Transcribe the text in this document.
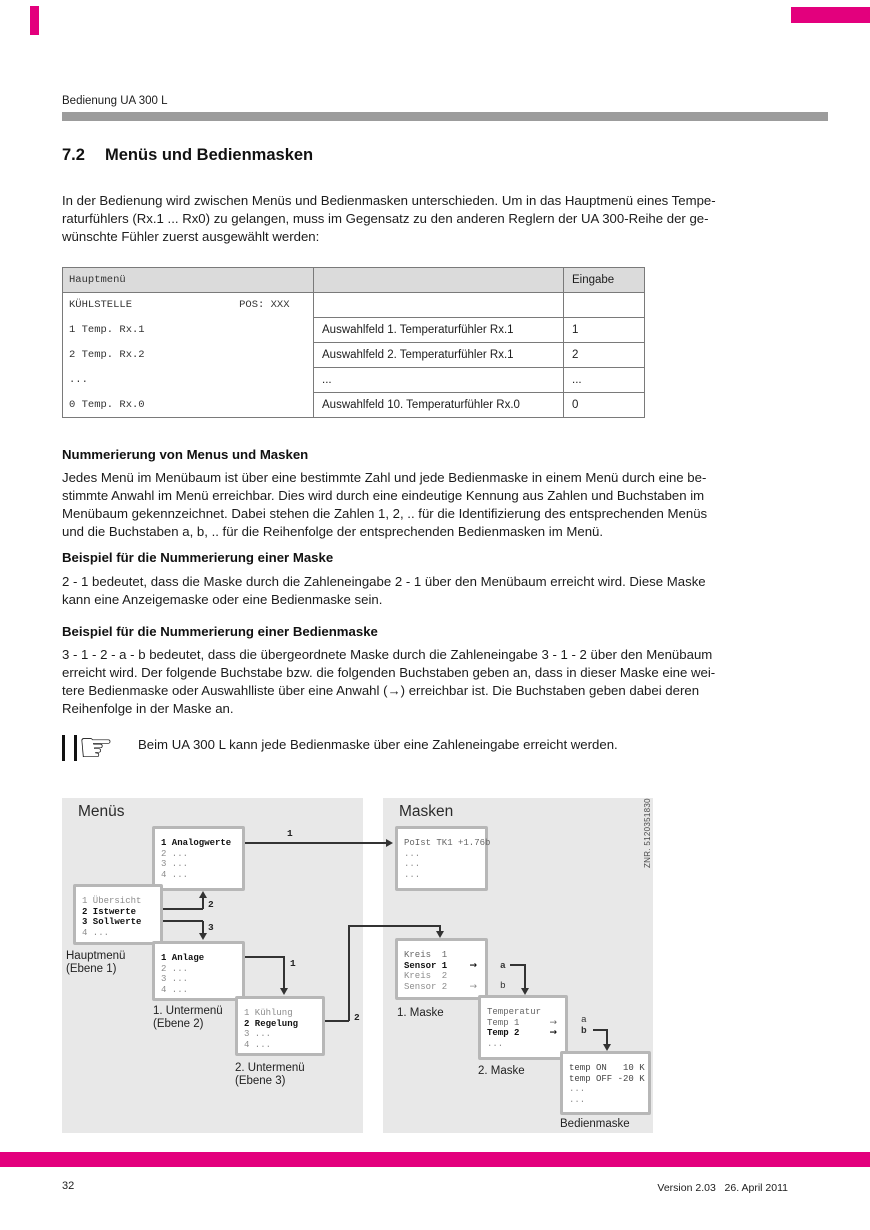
Bedienung UA 300 L
7.2 Menüs und Bedienmasken
In der Bedienung wird zwischen Menüs und Bedienmasken unterschieden. Um in das Hauptmenü eines Tempe-
raturfühlers (Rx.1 ... Rx0) zu gelangen, muss im Gegensatz zu den anderen Reglern der UA 300-Reihe der ge-
wünschte Fühler zuerst ausgewählt werden:
Hauptmenü		Eingabe
KÜHLSTELLE                 POS: XXX		
1 Temp. Rx.1	Auswahlfeld 1. Temperaturfühler Rx.1	1
2 Temp. Rx.2	Auswahlfeld 2. Temperaturfühler Rx.1	2
...	...	...
0 Temp. Rx.0	Auswahlfeld 10. Temperaturfühler Rx.0	0
Nummerierung von Menus und Masken
Jedes Menü im Menübaum ist über eine bestimmte Zahl und jede Bedienmaske in einem Menü durch eine be-
stimmte Anwahl im Menü erreichbar. Dies wird durch eine eindeutige Kennung aus Zahlen und Buchstaben im
Menübaum gekennzeichnet. Dabei stehen die Zahlen 1, 2, .. für die Identifizierung des entsprechenden Menüs
und die Buchstaben a, b, .. für die Reihenfolge der entsprechenden Bedienmasken im Menü.
Beispiel für die Nummerierung einer Maske
2 - 1 bedeutet, dass die Maske durch die Zahleneingabe 2 - 1 über den Menübaum erreicht wird. Diese Maske
kann eine Anzeigemaske oder eine Bedienmaske sein.
Beispiel für die Nummerierung einer Bedienmaske
3 - 1 - 2 - a - b bedeutet, dass die übergeordnete Maske durch die Zahleneingabe 3 - 1 - 2 über den Menübaum
erreicht wird. Der folgende Buchstabe bzw. die folgenden Buchstaben geben an, dass in dieser Maske eine wei-
tere Bedienmaske oder Auswahlliste über eine Anwahl (→) erreichbar ist. Die Buchstaben geben dabei deren
Reihenfolge in der Maske an.
☞ Beim UA 300 L kann jede Bedienmaske über eine Zahleneingabe erreicht werden.
Menüs	Masken	ZNR. 5120351830
1 Analogwerte
2 ...
3 ...
4 ...
1 Übersicht
2 Istwerte
3 Sollwerte
4 ...
Hauptmenü
(Ebene 1)
1 Anlage
2 ...
3 ...
4 ...
1. Untermenü
(Ebene 2)
1 Kühlung
2 Regelung
3 ...
4 ...
2. Untermenü
(Ebene 3)
PoIst TK1 +1.76b
...
...
...
Kreis  1
Sensor 1 →
Kreis  2
Sensor 2 →
1. Maske
a
b
Temperatur
Temp 1	→
Temp 2	→
...
2. Maske
a
b
temp ON   10 K
temp OFF -20 K
...
...
Bedienmaske
1
2
3
1
2
32	Version 2.03   26. April 2011
